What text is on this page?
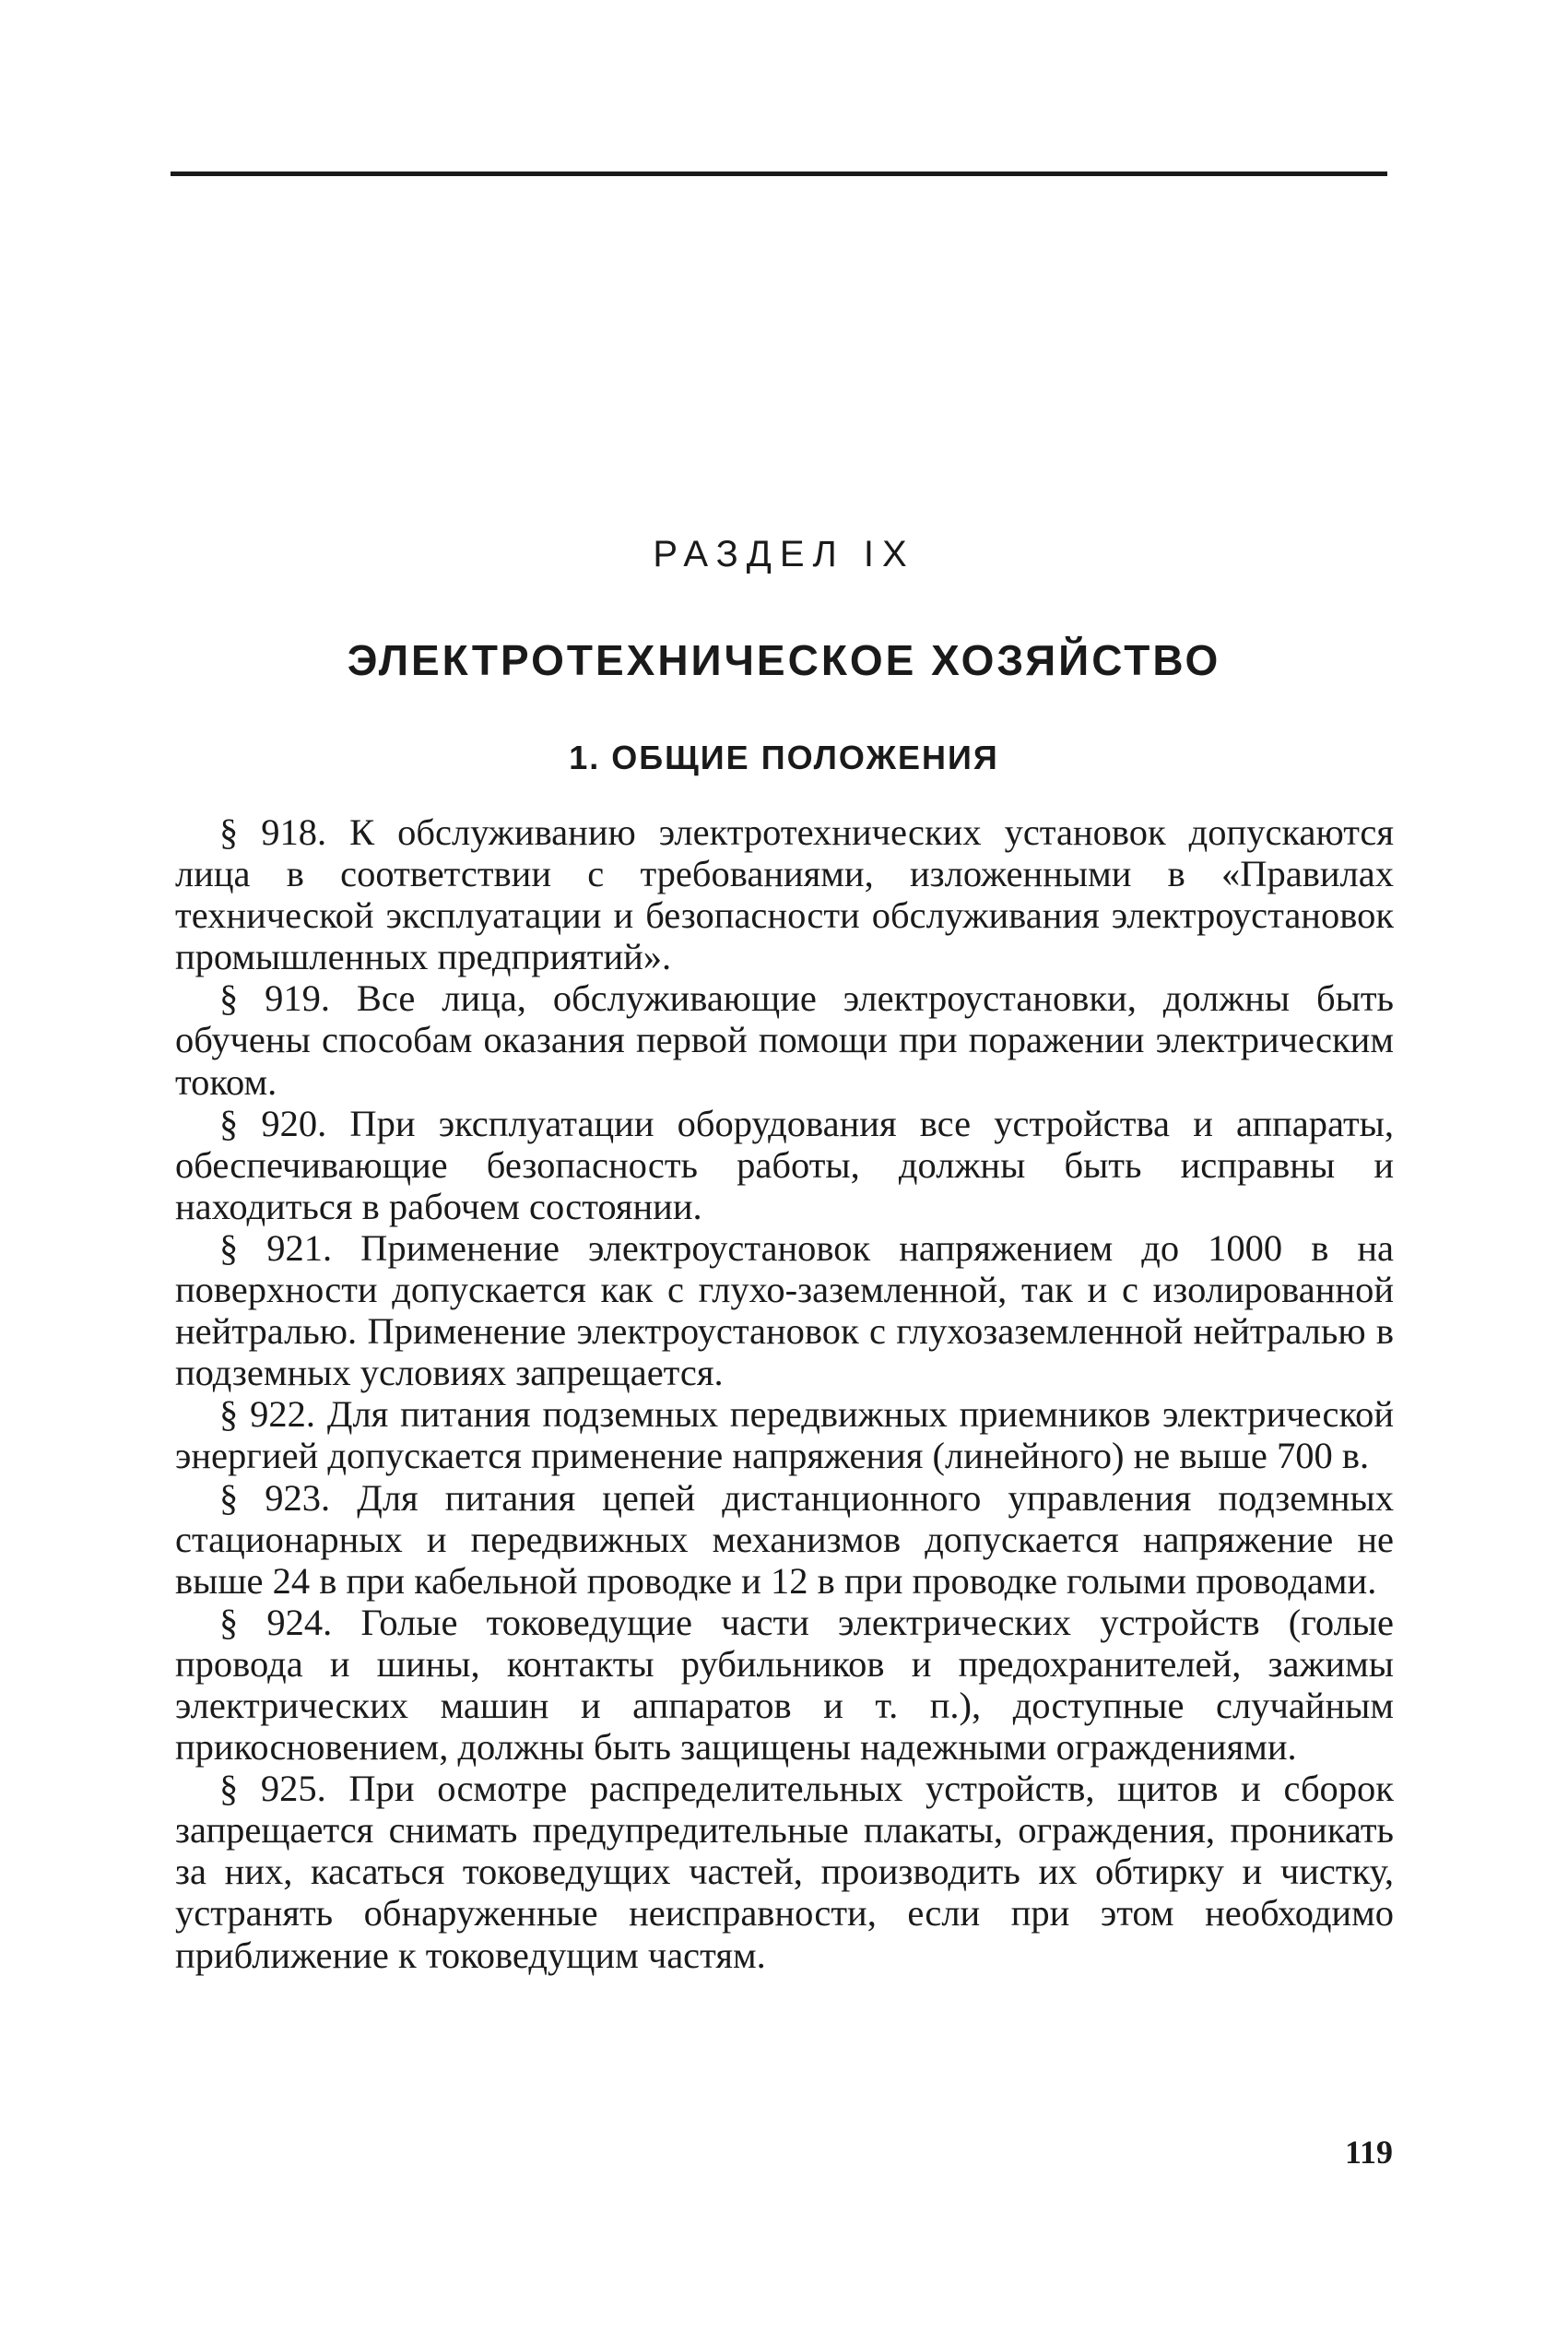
РАЗДЕЛ IX
ЭЛЕКТРОТЕХНИЧЕСКОЕ ХОЗЯЙСТВО
1. ОБЩИЕ ПОЛОЖЕНИЯ

§ 918. К обслуживанию электротехнических установок допускаются лица в соответствии с требованиями, изложенными в «Правилах технической эксплуатации и безопасности обслуживания электроустановок промышленных предприятий».

§ 919. Все лица, обслуживающие электроустановки, должны быть обучены способам оказания первой помощи при поражении электрическим током.

§ 920. При эксплуатации оборудования все устройства и аппараты, обеспечивающие безопасность работы, должны быть исправны и находиться в рабочем состоянии.

§ 921. Применение электроустановок напряжением до 1000 в на поверхности допускается как с глухо-заземленной, так и с изолированной нейтралью. Применение электроустановок с глухозаземленной нейтралью в подземных условиях запрещается.

§ 922. Для питания подземных передвижных приемников электрической энергией допускается применение напряжения (линейного) не выше 700 в.

§ 923. Для питания цепей дистанционного управления подземных стационарных и передвижных механизмов допускается напряжение не выше 24 в при кабельной проводке и 12 в при проводке голыми проводами.

§ 924. Голые токоведущие части электрических устройств (голые провода и шины, контакты рубильников и предохранителей, зажимы электрических машин и аппаратов и т. п.), доступные случайным прикосновением, должны быть защищены надежными ограждениями.

§ 925. При осмотре распределительных устройств, щитов и сборок запрещается снимать предупредительные плакаты, ограждения, проникать за них, касаться токоведущих частей, производить их обтирку и чистку, устранять обнаруженные неисправности, если при этом необходимо приближение к токоведущим частям.

119
